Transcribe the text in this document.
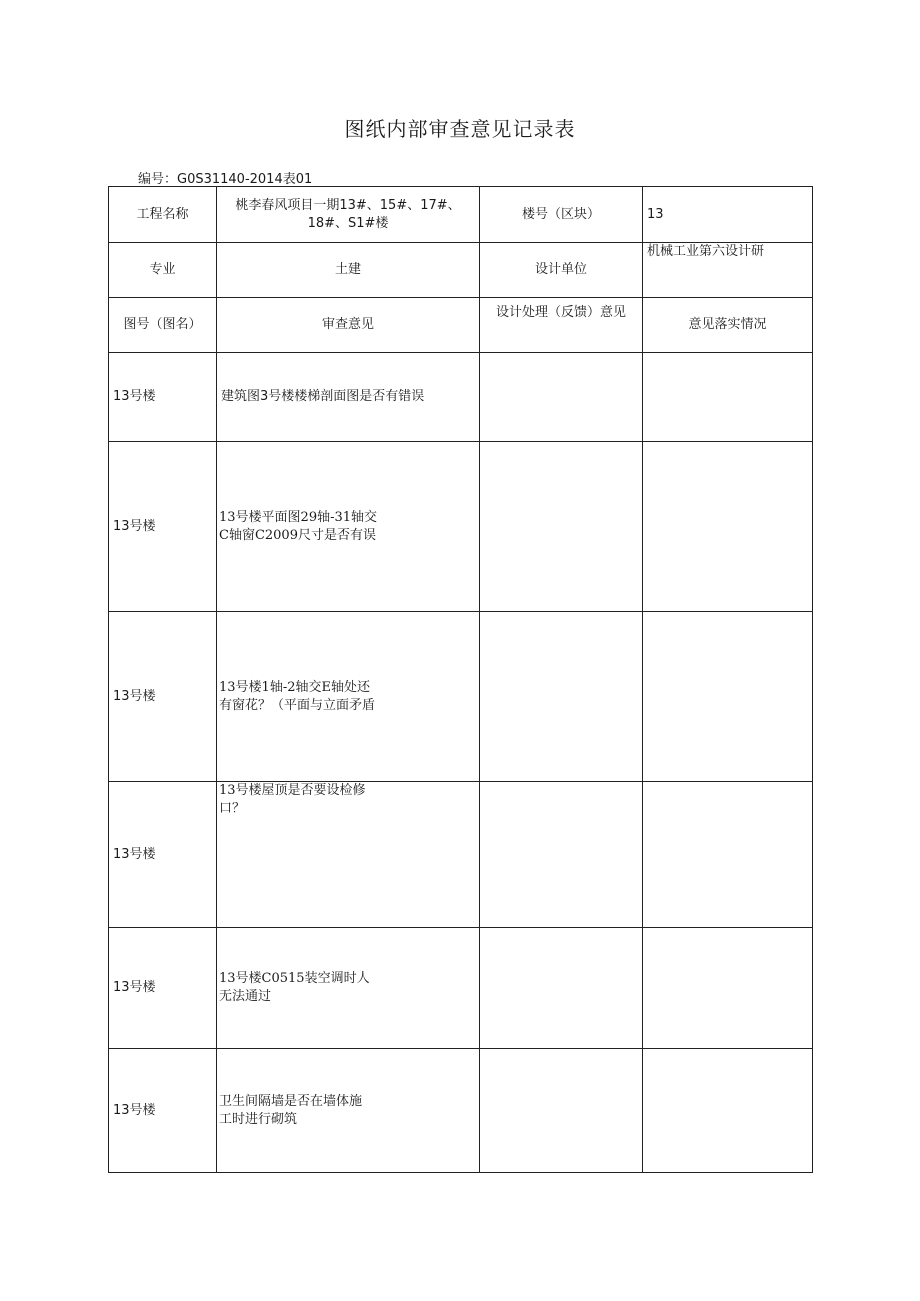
图纸内部审查意见记录表
编号：G0S31140-2014表01
工程名称	桃李春风项目一期13#、15#、17#、
18#、S1#楼	楼号（区块）	13
专业	土建	设计单位	机械工业第六设计研
图号（图名）	审查意见	设计处理（反馈）意见	意见落实情况
13号楼	建筑图3号楼楼梯剖面图是否有错误		
13号楼	13号楼平面图29轴-31轴交
C轴窗C2009尺寸是否有误		

13号楼	13号楼1轴-2轴交E轴处还
有窗花？（平面与立面矛盾		

13号楼	13号楼屋顶是否要设检修
口？		

13号楼	13号楼C0515装空调时人
无法通过		

13号楼	卫生间隔墙是否在墙体施
工时进行砌筑		
